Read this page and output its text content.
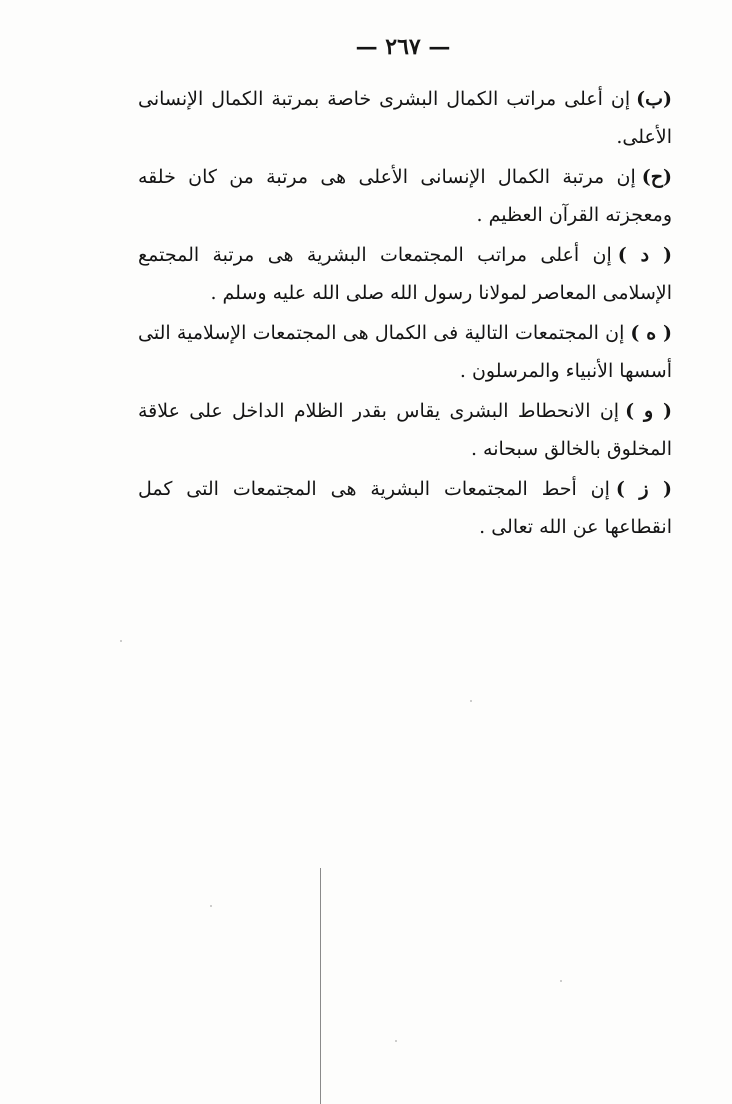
— ٢٦٧ —

(ب)إن أعلى مراتب الكمال البشرى خاصة بمرتبة الكمال الإنسانى الأعلى.

(ح)إن مرتبة الكمال الإنسانى الأعلى هى مرتبة من كان خلقه ومعجزته القرآن العظيم .

( د )إن أعلى مراتب المجتمعات البشرية هى مرتبة المجتمع الإسلامى المعاصر لمولانا رسول الله صلى الله عليه وسلم .

( ه )إن المجتمعات التالية فى الكمال هى المجتمعات الإسلامية التى أسسها الأنبياء والمرسلون .

( و )إن الانحطاط البشرى يقاس بقدر الظلام الداخل على علاقة المخلوق بالخالق سبحانه .

( ز )إن أحط المجتمعات البشرية هى المجتمعات التى كمل انقطاعها عن الله تعالى .
